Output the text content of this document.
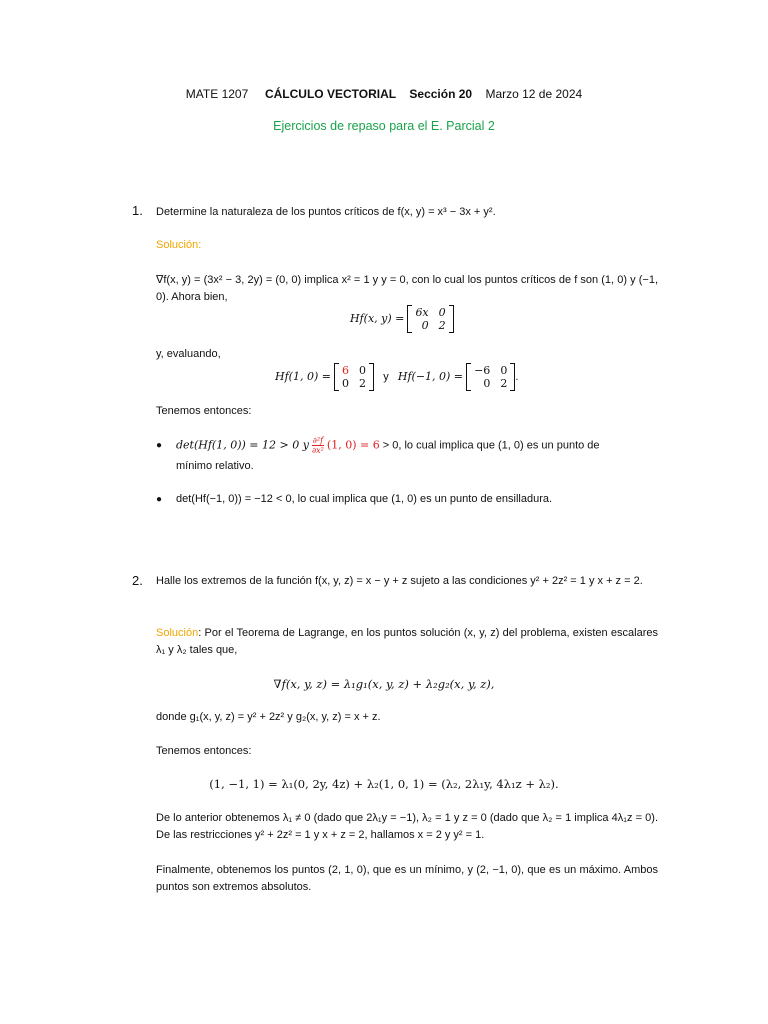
MATE 1207 CÁLCULO VECTORIAL Sección 20 Marzo 12 de 2024
Ejercicios de repaso para el E. Parcial 2
1. Determine la naturaleza de los puntos críticos de f(x, y) = x³ − 3x + y².
Solución:
∇f(x, y) = (3x² − 3, 2y) = (0, 0) implica x² = 1 y y = 0, con lo cual los puntos críticos de f son (1, 0) y (−1, 0). Ahora bien,
Hf(x, y) = 6x 0
0 2
y, evaluando,
Hf(1, 0) = 6 0
0 2
y Hf(−1, 0) = −6 0
0 2 .
Tenemos entonces:
● det(Hf(1, 0)) = 12 > 0 y $\frac{\text{∂²f}}{\text{∂x²}} (1$, 0) = 6 > 0, lo cual implica que (1, 0) es un punto de
mínimo relativo.
● det(Hf(−1, 0)) = −12 < 0, lo cual implica que (1, 0) es un punto de ensilladura.
2. Halle los extremos de la función f(x, y, z) = x − y + z sujeto a las condiciones y² + 2z² = 1 y x + z = 2.
Solución: Por el Teorema de Lagrange, en los puntos solución (x, y, z) del problema, existen escalares λ₁ y λ₂ tales que,
∇f(x, y, z) = λ₁g₁(x, y, z) + λ₂g₂(x, y, z),
donde g₁(x, y, z) = y² + 2z² y g₂(x, y, z) = x + z.
Tenemos entonces:
(1, −1, 1) = λ₁(0, 2y, 4z) + λ₂(1, 0, 1) = (λ₂, 2λ₁y, 4λ₁z + λ₂).
De lo anterior obtenemos λ₁ ≠ 0 (dado que 2λ₁y = −1), λ₂ = 1 y z = 0 (dado que λ₂ = 1 implica 4λ₁z = 0). De las restricciones y² + 2z² = 1 y x + z = 2, hallamos x = 2 y y² = 1.
Finalmente, obtenemos los puntos (2, 1, 0), que es un mínimo, y (2, −1, 0), que es un máximo. Ambos puntos son extremos absolutos.
